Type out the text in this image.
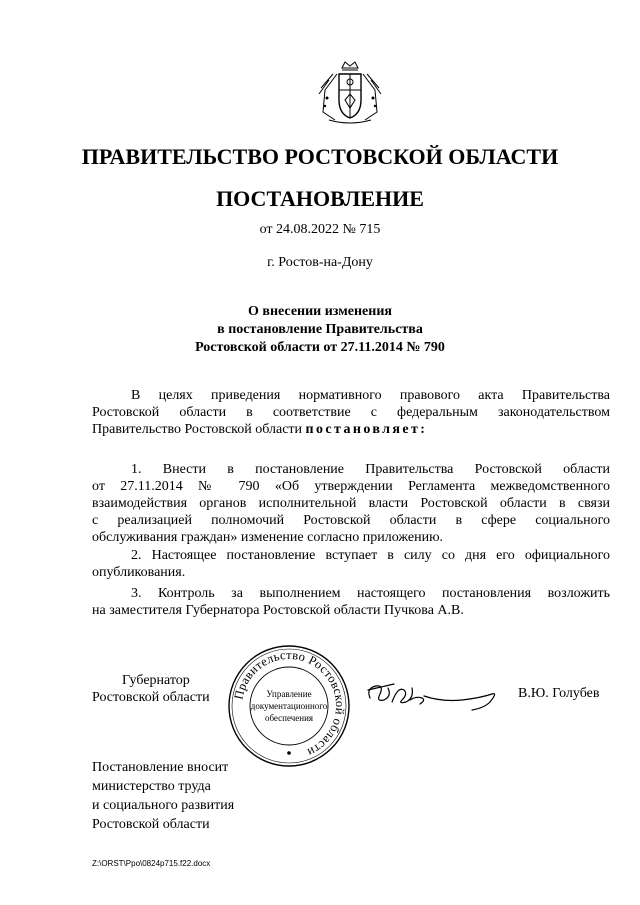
ПРАВИТЕЛЬСТВО РОСТОВСКОЙ ОБЛАСТИ
ПОСТАНОВЛЕНИЕ
от 24.08.2022 № 715
г. Ростов-на-Дону
О внесении изменения
в постановление Правительства
Ростовской области от 27.11.2014 № 790
В целях приведения нормативного правового акта Правительства
Ростовской области в соответствие с федеральным законодательством
Правительство Ростовской области постановляет:
1. Внести в постановление Правительства Ростовской области
от 27.11.2014 № 790 «Об утверждении Регламента межведомственного
взаимодействия органов исполнительной власти Ростовской области в связи
с реализацией полномочий Ростовской области в сфере социального
обслуживания граждан» изменение согласно приложению.
2. Настоящее постановление вступает в силу со дня его официального
опубликования.
3. Контроль за выполнением настоящего постановления возложить
на заместителя Губернатора Ростовской области Пучкова А.В.
Губернатор
Ростовской области Правительство Ростовской области
Управление
документационного
обеспечения
В.Ю. Голубев
Постановление вносит
министерство труда
и социального развития
Ростовской области
Z:\ORST\Ppo\0824p715.f22.docx
